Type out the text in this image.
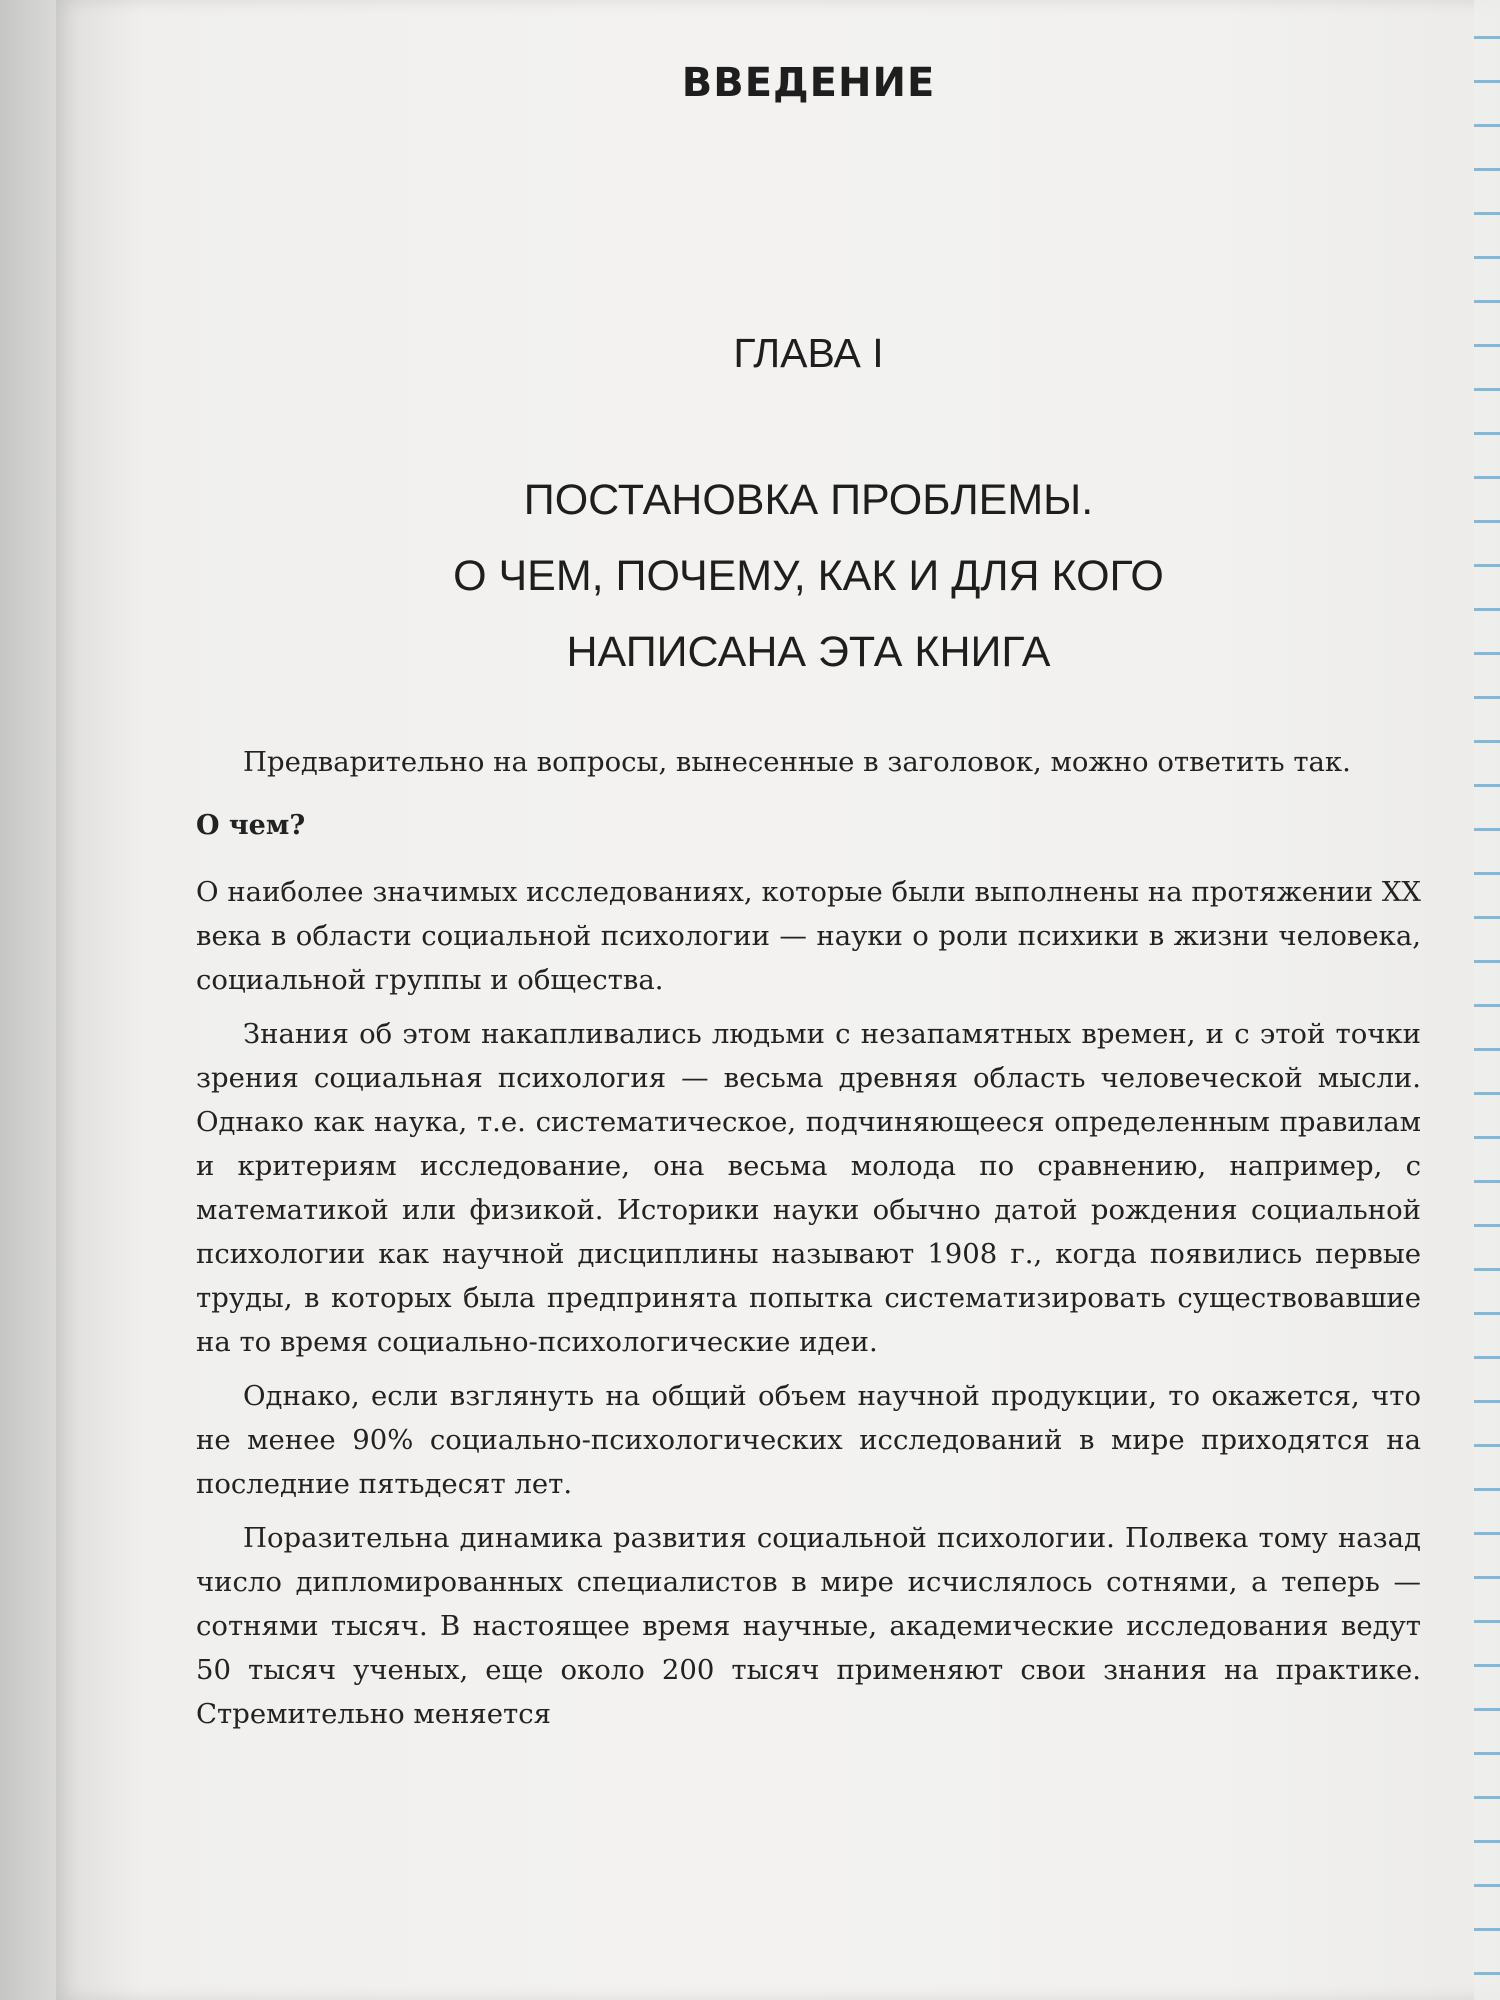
ВВЕДЕНИЕ
ГЛАВА I
ПОСТАНОВКА ПРОБЛЕМЫ.
О ЧЕМ, ПОЧЕМУ, КАК И ДЛЯ КОГО
НАПИСАНА ЭТА КНИГА

Предварительно на вопросы, вынесенные в заголовок, можно ответить так.

О чем?

О наиболее значимых исследованиях, которые были выполнены на протяжении XX века в области социальной психологии — науки о роли психики в жизни человека, социальной группы и общества.

Знания об этом накапливались людьми с незапамятных времен, и с этой точки зрения социальная психология — весьма древняя область человеческой мысли. Однако как наука, т.е. систематическое, подчиняющееся определенным правилам и критериям исследование, она весьма молода по сравнению, например, с математикой или физикой. Историки науки обычно датой рождения социальной психологии как научной дисциплины называют 1908 г., когда появились первые труды, в которых была предпринята попытка систематизировать существовавшие на то время социально-психологические идеи.

Однако, если взглянуть на общий объем научной продукции, то окажется, что не менее 90% социально-психологических исследований в мире приходятся на последние пятьдесят лет.

Поразительна динамика развития социальной психологии. Полвека тому назад число дипломированных специалистов в мире исчислялось сотнями, а теперь — сотнями тысяч. В настоящее время научные, академические исследования ведут 50 тысяч ученых, еще около 200 тысяч применяют свои знания на практике. Стремительно меняется
